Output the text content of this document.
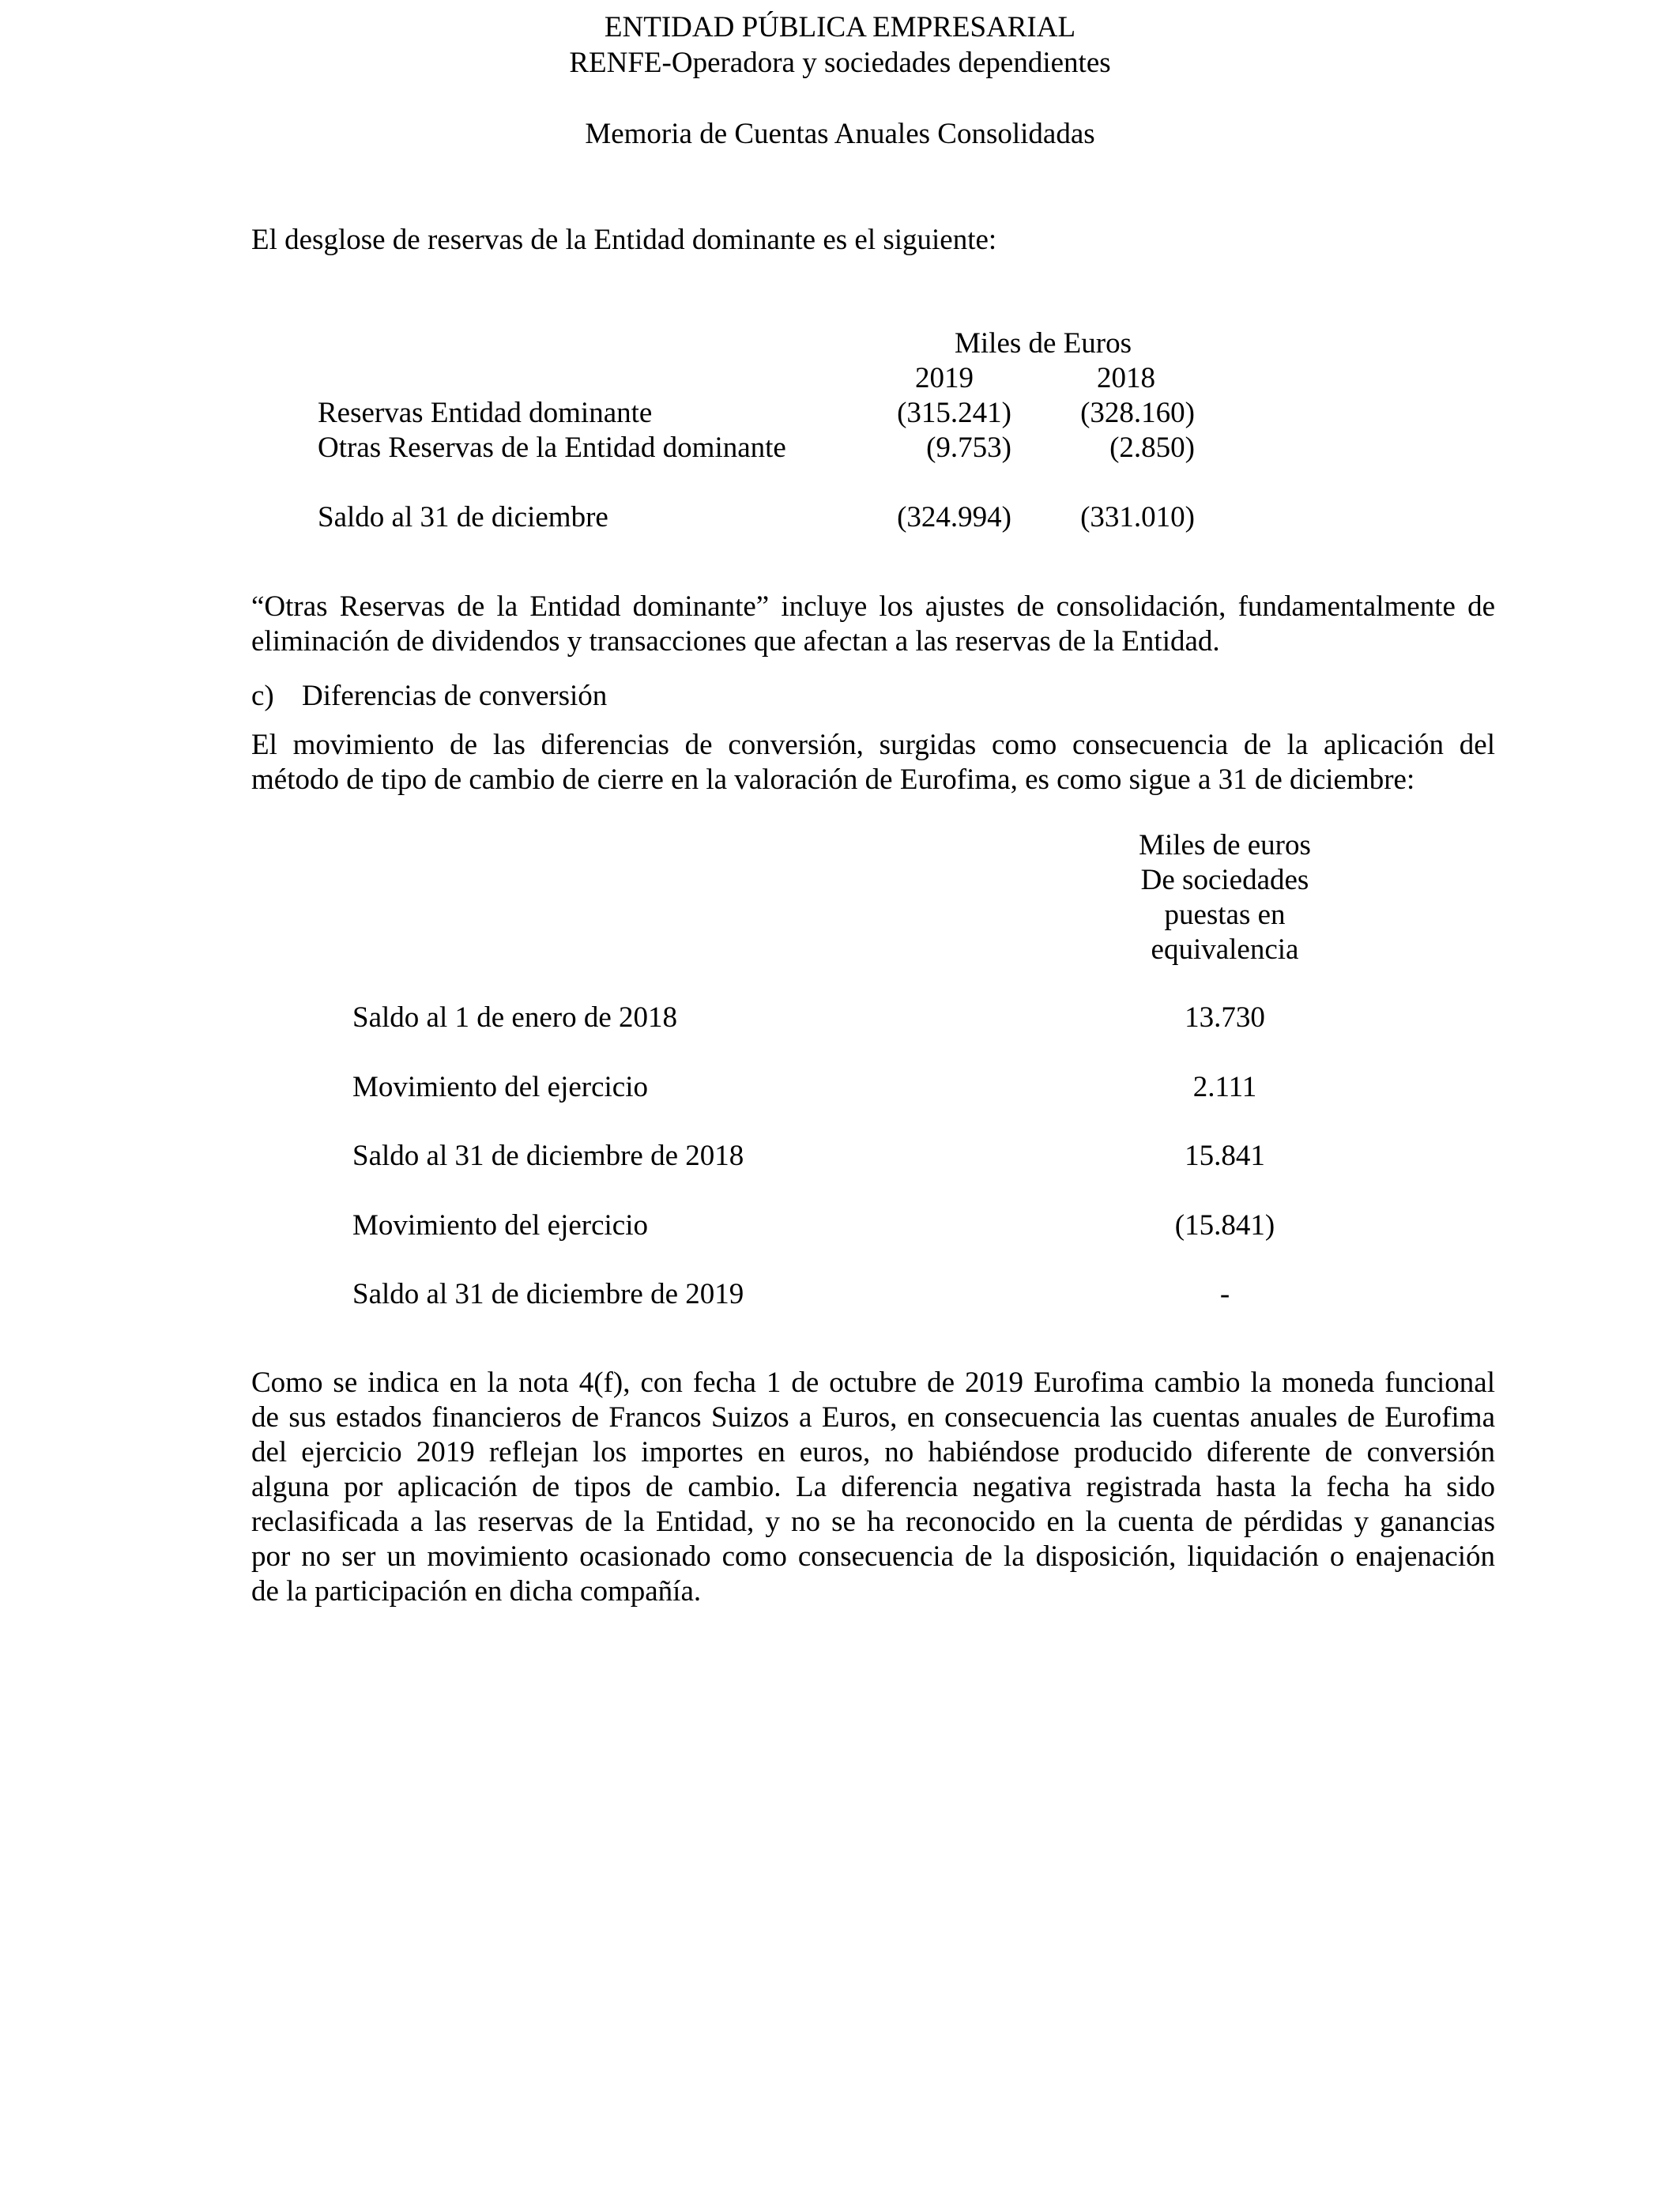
ENTIDAD PÚBLICA EMPRESARIAL
RENFE-Operadora y sociedades dependientes
Memoria de Cuentas Anuales Consolidadas
El desglose de reservas de la Entidad dominante es el siguiente:
Miles de Euros
2019	2018
Reservas Entidad dominante	(315.241)	(328.160)
Otras Reservas de la Entidad dominante	(9.753)	(2.850)
Saldo al 31 de diciembre	(324.994)	(331.010)
“Otras Reservas de la Entidad dominante” incluye los ajustes de consolidación, fundamentalmente de
eliminación de dividendos y transacciones que afectan a las reservas de la Entidad.
c) Diferencias de conversión
El movimiento de las diferencias de conversión, surgidas como consecuencia de la aplicación del
método de tipo de cambio de cierre en la valoración de Eurofima, es como sigue a 31 de diciembre:
Miles de euros
De sociedades
puestas en
equivalencia
Saldo al 1 de enero de 2018	13.730
Movimiento del ejercicio	2.111
Saldo al 31 de diciembre de 2018	15.841
Movimiento del ejercicio	(15.841)
Saldo al 31 de diciembre de 2019	-
Como se indica en la nota 4(f), con fecha 1 de octubre de 2019 Eurofima cambio la moneda funcional
de sus estados financieros de Francos Suizos a Euros, en consecuencia las cuentas anuales de Eurofima
del ejercicio 2019 reflejan los importes en euros, no habiéndose producido diferente de conversión
alguna por aplicación de tipos de cambio. La diferencia negativa registrada hasta la fecha ha sido
reclasificada a las reservas de la Entidad, y no se ha reconocido en la cuenta de pérdidas y ganancias
por no ser un movimiento ocasionado como consecuencia de la disposición, liquidación o enajenación
de la participación en dicha compañía.
